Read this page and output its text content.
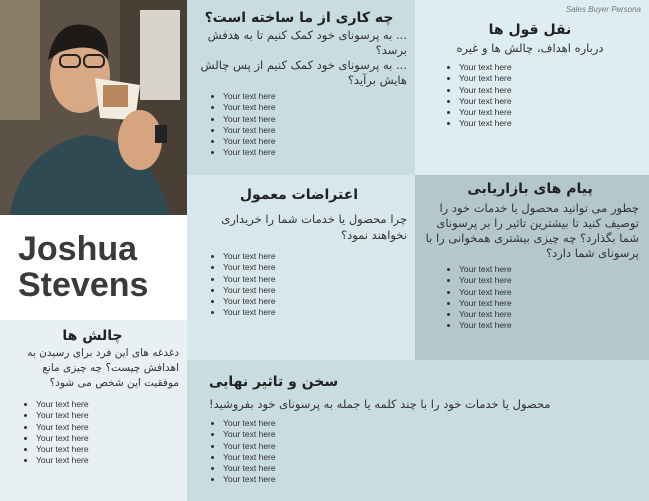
Joshua
Stevens
چالش ها
دغدغه های این فرد برای رسیدن به اهدافش چیست؟ چه چیزی مانع موفقیت این شخص می شود؟
• Your text here
• Your text here
• Your text here
• Your text here
• Your text here
• Your text here
چه کاری از ما ساخته است؟
... به پرسونای خود کمک کنیم تا به هدفش برسد؟
... به پرسونای خود کمک کنیم از پس چالش هایش برآید؟
• Your text here
• Your text here
• Your text here
• Your text here
• Your text here
• Your text here
Sales Buyer Persona
نقل قول ها
درباره اهداف، چالش ها و غیره
• Your text here
• Your text here
• Your text here
• Your text here
• Your text here
• Your text here
اعتراضات معمول
چرا محصول یا خدمات شما را خریداری نخواهند نمود؟
• Your text here
• Your text here
• Your text here
• Your text here
• Your text here
• Your text here
پیام های بازاریابی
چطور می توانید محصول یا خدمات خود را توصیف کنید تا بیشترین تاثیر را بر پرسونای شما بگذارد؟ چه چیزی بیشتری همخوانی را با پرسونای شما دارد؟
• Your text here
• Your text here
• Your text here
• Your text here
• Your text here
• Your text here
سخن و تاثیر نهایی
محصول یا خدمات خود را با چند کلمه یا جمله به پرسونای خود بفروشید!
• Your text here
• Your text here
• Your text here
• Your text here
• Your text here
• Your text here
